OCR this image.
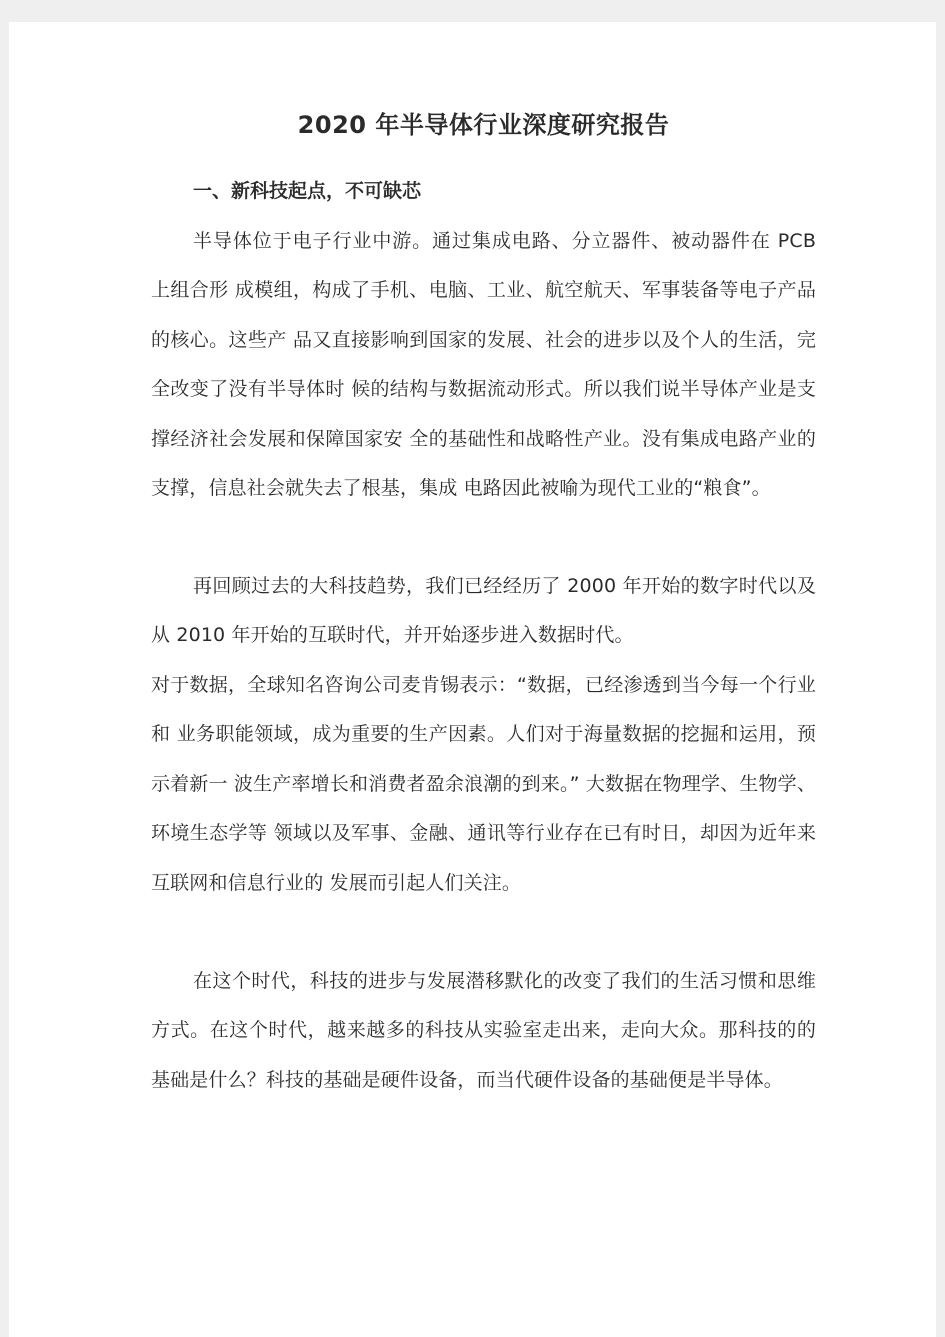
2020 年半导体行业深度研究报告
一、新科技起点，不可缺芯

半导体位于电子行业中游。通过集成电路、分立器件、被动器件在 PCB 上组合形 成模组，构成了手机、电脑、工业、航空航天、军事装备等电子产品的核心。这些产 品又直接影响到国家的发展、社会的进步以及个人的生活，完全改变了没有半导体时 候的结构与数据流动形式。所以我们说半导体产业是支撑经济社会发展和保障国家安 全的基础性和战略性产业。没有集成电路产业的支撑，信息社会就失去了根基，集成 电路因此被喻为现代工业的“粮食”。

再回顾过去的大科技趋势，我们已经经历了 2000 年开始的数字时代以及从 2010 年开始的互联时代，并开始逐步进入数据时代。

对于数据，全球知名咨询公司麦肯锡表示：“数据，已经渗透到当今每一个行业和 业务职能领域，成为重要的生产因素。人们对于海量数据的挖掘和运用，预示着新一 波生产率增长和消费者盈余浪潮的到来。” 大数据在物理学、生物学、环境生态学等 领域以及军事、金融、通讯等行业存在已有时日，却因为近年来互联网和信息行业的 发展而引起人们关注。

在这个时代，科技的进步与发展潜移默化的改变了我们的生活习惯和思维方式。在这个时代，越来越多的科技从实验室走出来，走向大众。那科技的的基础是什么？科技的基础是硬件设备，而当代硬件设备的基础便是半导体。
